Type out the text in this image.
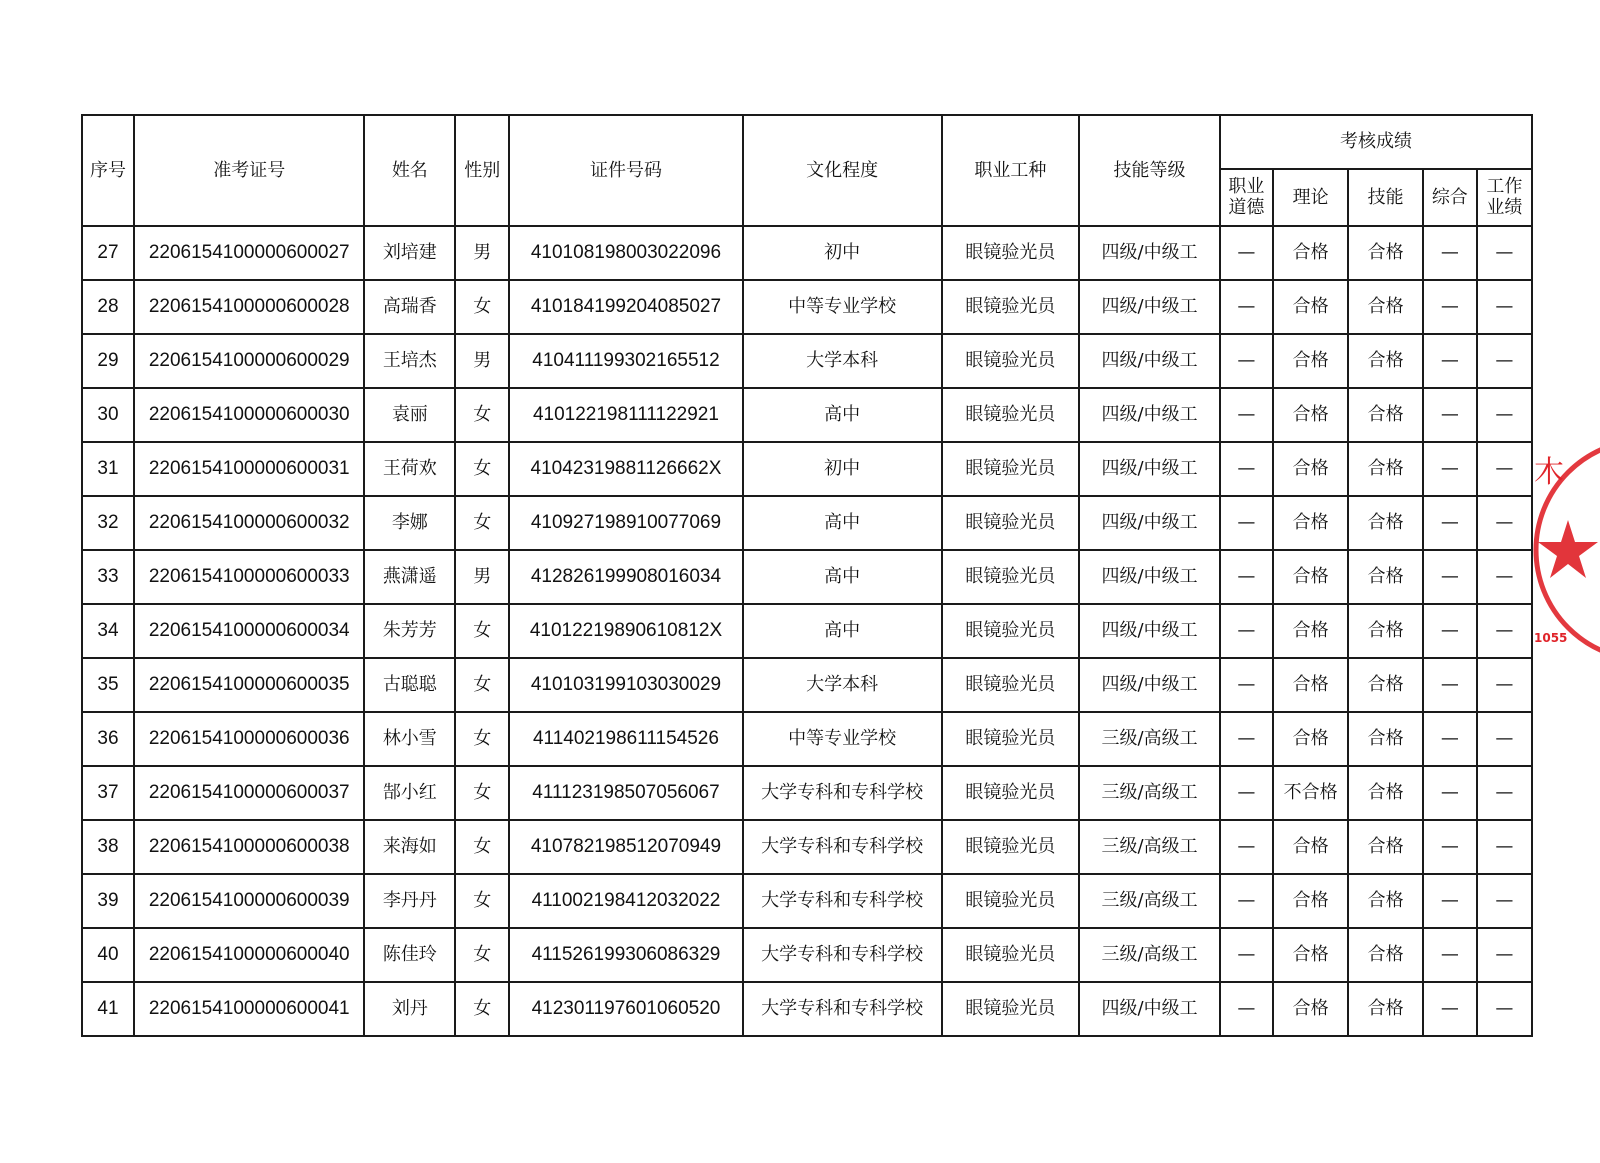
序号	准考证号	姓名	性别	证件号码	文化程度	职业工种	技能等级	考核成绩				
								职业道德	理论	技能	综合	工作业绩
27	2206154100000600027	刘培建	男	410108198003022096	初中	眼镜验光员	四级/中级工	—	合格	合格	—	—
28	2206154100000600028	高瑞香	女	410184199204085027	中等专业学校	眼镜验光员	四级/中级工	—	合格	合格	—	—
29	2206154100000600029	王培杰	男	410411199302165512	大学本科	眼镜验光员	四级/中级工	—	合格	合格	—	—
30	2206154100000600030	袁丽	女	410122198111122921	高中	眼镜验光员	四级/中级工	—	合格	合格	—	—
31	2206154100000600031	王荷欢	女	41042319881126662X	初中	眼镜验光员	四级/中级工	—	合格	合格	—	—
32	2206154100000600032	李娜	女	410927198910077069	高中	眼镜验光员	四级/中级工	—	合格	合格	—	—
33	2206154100000600033	燕潇遥	男	412826199908016034	高中	眼镜验光员	四级/中级工	—	合格	合格	—	—
34	2206154100000600034	朱芳芳	女	41012219890610812X	高中	眼镜验光员	四级/中级工	—	合格	合格	—	—
35	2206154100000600035	古聪聪	女	410103199103030029	大学本科	眼镜验光员	四级/中级工	—	合格	合格	—	—
36	2206154100000600036	林小雪	女	411402198611154526	中等专业学校	眼镜验光员	三级/高级工	—	合格	合格	—	—
37	2206154100000600037	郜小红	女	411123198507056067	大学专科和专科学校	眼镜验光员	三级/高级工	—	不合格	合格	—	—
38	2206154100000600038	来海如	女	410782198512070949	大学专科和专科学校	眼镜验光员	三级/高级工	—	合格	合格	—	—
39	2206154100000600039	李丹丹	女	411002198412032022	大学专科和专科学校	眼镜验光员	三级/高级工	—	合格	合格	—	—
40	2206154100000600040	陈佳玲	女	411526199306086329	大学专科和专科学校	眼镜验光员	三级/高级工	—	合格	合格	—	—
41	2206154100000600041	刘丹	女	412301197601060520	大学专科和专科学校	眼镜验光员	四级/中级工	—	合格	合格	—	—
木
1055
